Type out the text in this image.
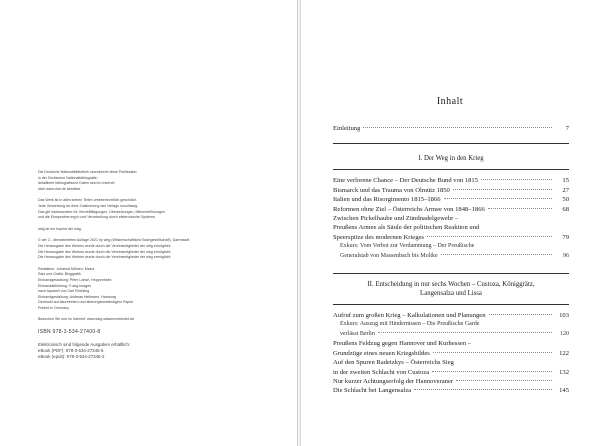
Die Deutsche Nationalbibliothek verzeichnet diese Publikation
in der Deutschen Nationalbibliografie;
detaillierte bibliografische Daten sind im Internet
über www.dnb.de abrufbar.
Das Werk ist in allen seinen Teilen urheberrechtlich geschützt.
Jede Verwertung ist ohne Zustimmung des Verlags unzulässig.
Das gilt insbesondere für Vervielfältigungen, Übersetzungen, Mikroverfilmungen
und die Einspeicherung in und Verarbeitung durch elektronische Systeme.
wbg ist ein Imprint der wbg.
© der 2., überarbeiteten Auflage 2021 by wbg (Wissenschaftliche Buchgesellschaft), Darmstadt
Die Herausgabe des Werkes wurde durch die Vereinsmitglieder der wbg ermöglicht.
Die Herausgabe des Werkes wurde durch die Vereinsmitglieder der wbg ermöglicht.
Die Herausgabe des Werkes wurde durch die Vereinsmitglieder der wbg ermöglicht.
Redaktion: Johanna Mühlen, Mainz
Satz und Grafik: Bloggrafik
Einbandgestaltung: Peter Lohse, Heppenheim
Einbandabbildung: © akg-images
nach Aquarell von Carl Röchling
Einbandgestaltung: Andreas Heilmann, Hamburg
Gedruckt auf säurefreiem und alterungsbeständigem Papier
Printed in Germany
Besuchen Sie uns im Internet: www.wbg-wissenverbindet.de
ISBN 978-3-534-27400-8
Elektronisch sind folgende Ausgaben erhältlich:
eBook (PDF): 978-3-534-27345-5
eBook (epub): 978-3-534-27346-2
Inhalt
Einleitung	7
I. Der Weg in den Krieg
Eine verlorene Chance – Der Deutsche Bund von 1815	15
Bismarck und das Trauma von Olmütz 1850	27
Italien und das Risorgimento 1815–1866	50
Reformen ohne Ziel – Österreichs Armee von 1848–1866	68
Zwischen Pickelhaube und Zündnadelgewehr –
Preußens Armee als Säule der politischen Reaktion und
Speerspitze des modernen Krieges	79
Exkurs: Vom Verbot zur Verdammung – Der Preußische
Generalstab von Massenbach bis Moltke	96
II. Entscheidung in nur sechs Wochen – Custoza, Königgrätz,
Langensalza und Lissa
Aufruf zum großen Krieg – Kalkulationen und Planungen	103
Exkurs: Auszug mit Hindernissen – Die Preußische Garde
verlässt Berlin	120
Preußens Feldzug gegen Hannover und Kurhessen –
Grundzüge eines neuen Kriegsbildes	122
Auf den Spuren Radetzkys – Österreichs Sieg
in der zweiten Schlacht von Custoza	132
Nur kurzer Achtungserfolg der Hannoveraner
Die Schlacht bei Langensalza	145
